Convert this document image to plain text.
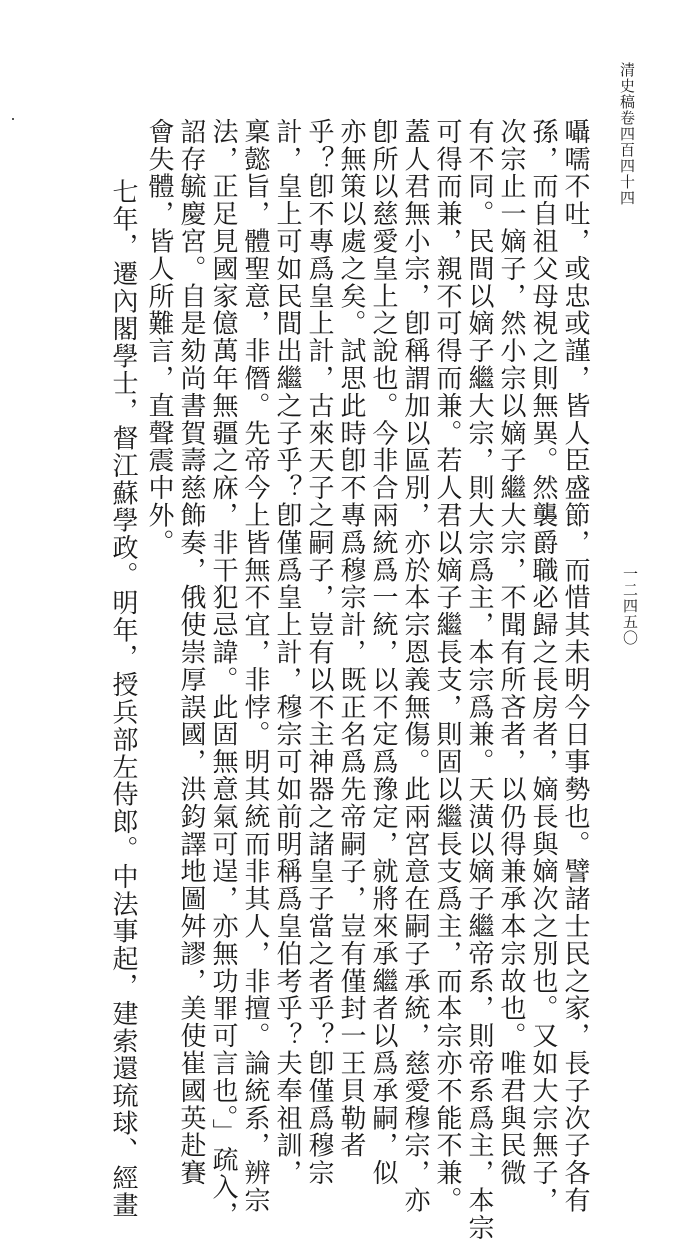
清史稿卷四百四十四
一二四五〇
囁嚅不吐，或忠或謹，皆人臣盛節，而惜其未明今日事勢也。譬諸士民之家，長子次子各有
孫，而自祖父母視之則無異。然襲爵職必歸之長房者，嫡長與嫡次之別也。又如大宗無子，
次宗止一嫡子，然小宗以嫡子繼大宗，不聞有所吝者，以仍得兼承本宗故也。唯君與民微
有不同。民間以嫡子繼大宗，則大宗爲主，本宗爲兼。天潢以嫡子繼帝系，則帝系爲主，本宗
可得而兼，親不可得而兼。若人君以嫡子繼長支，則固以繼長支爲主，而本宗亦不能不兼。
蓋人君無小宗，卽稱謂加以區別，亦於本宗恩義無傷。此兩宮意在嗣子承統，慈愛穆宗，亦
卽所以慈愛皇上之說也。今非合兩統爲一統，以不定爲豫定，就將來承繼者以爲承嗣，似
亦無策以處之矣。試思此時卽不專爲穆宗計，既正名爲先帝嗣子，豈有僅封一王貝勒者
乎？卽不專爲皇上計，古來天子之嗣子，豈有以不主神器之諸皇子當之者乎？卽僅爲穆宗
計，皇上可如民間出繼之子乎？卽僅爲皇上計，穆宗可如前明稱爲皇伯考乎？夫奉祖訓，
稟懿旨，體聖意，非僭。先帝今上皆無不宜，非悖。明其統而非其人，非擅。論統系，辨宗
法，正足見國家億萬年無疆之庥，非干犯忌諱。此固無意氣可逞，亦無功罪可言也。」疏入，
詔存毓慶宮。自是劾尚書賀壽慈飾奏，俄使崇厚誤國，洪鈞譯地圖舛謬，美使崔國英赴賽
會失體，皆人所難言，直聲震中外。
七年，遷內閣學士，督江蘇學政。明年，授兵部左侍郎。中法事起，建索還琉球、經畫
